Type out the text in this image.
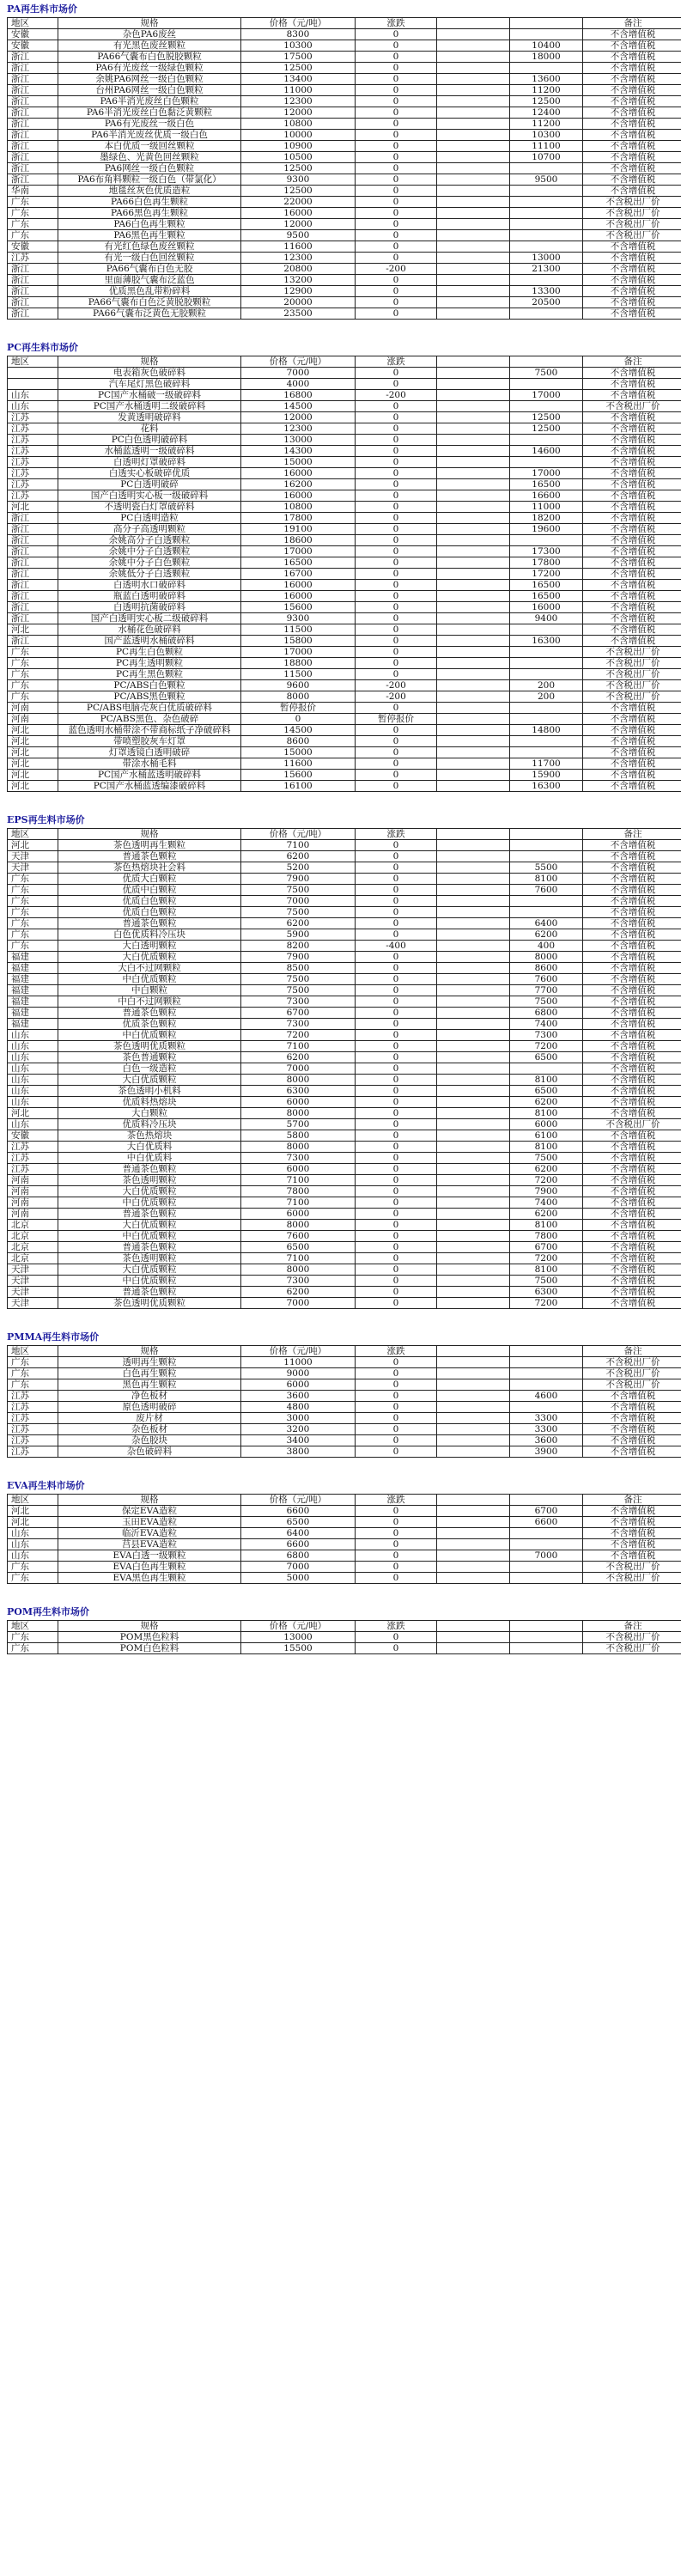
PA再生料市场价
地区	规格	价格（元/吨）	涨跌			备注
安徽	杂色PA6废丝	8300	0			不含增值税
安徽	有光黑色废丝颗粒	10300	0		10400	不含增值税
浙江	PA66气囊布白色脱胶颗粒	17500	0		18000	不含增值税
浙江	PA6有光废丝一级绿色颗粒	12500	0			不含增值税
浙江	余姚PA6网丝一级白色颗粒	13400	0		13600	不含增值税
浙江	台州PA6网丝一级白色颗粒	11000	0		11200	不含增值税
浙江	PA6半消光废丝白色颗粒	12300	0		12500	不含增值税
浙江	PA6半消光废丝白色黏泛黄颗粒	12000	0		12400	不含增值税
浙江	PA6有光废丝一级白色	10800	0		11200	不含增值税
浙江	PA6半消光废丝优质一级白色	10000	0		10300	不含增值税
浙江	本白优质一级回丝颗粒	10900	0		11100	不含增值税
浙江	墨绿色、光黄色回丝颗粒	10500	0		10700	不含增值税
浙江	PA6网丝一级白色颗粒	12500	0			不含增值税
浙江	PA6布角料颗粒一级白色（带氯化）	9300	0		9500	不含增值税
华南	地毯丝灰色优质造粒	12500	0			不含增值税
广东	PA66白色再生颗粒	22000	0			不含税出厂价
广东	PA66黑色再生颗粒	16000	0			不含税出厂价
广东	PA6白色再生颗粒	12000	0			不含税出厂价
广东	PA6黑色再生颗粒	9500	0			不含税出厂价
安徽	有光红色绿色废丝颗粒	11600	0			不含增值税
江苏	有光一级白色回丝颗粒	12300	0		13000	不含增值税
浙江	PA66气囊布白色无胶	20800	-200		21300	不含增值税
浙江	里面薄胶气囊布泛蓝色	13200	0			不含增值税
浙江	优质黑色乱带粉碎料	12900	0		13300	不含增值税
浙江	PA66气囊布白色泛黄脱胶颗粒	20000	0		20500	不含增值税
浙江	PA66气囊布泛黄色无胶颗粒	23500	0			不含增值税
PC再生料市场价
地区	规格	价格（元/吨）	涨跌			备注
	电表箱灰色破碎料	7000	0		7500	不含增值税
	汽车尾灯黑色破碎料	4000	0			不含增值税
山东	PC国产水桶破一级破碎料	16800	-200		17000	不含增值税
山东	PC国产水桶透明二级破碎料	14500	0			不含税出厂价
江苏	发黄透明破碎料	12000	0		12500	不含增值税
江苏	花料	12300	0		12500	不含增值税
江苏	PC白色透明破碎料	13000	0			不含增值税
江苏	水桶蓝透明一级破碎料	14300	0		14600	不含增值税
江苏	白透明灯罩破碎料	15000	0			不含增值税
江苏	白透实心板破碎优质	16000	0		17000	不含增值税
江苏	PC白透明破碎	16200	0		16500	不含增值税
江苏	国产白透明实心板一级破碎料	16000	0		16600	不含增值税
河北	不透明瓷白灯罩破碎料	10800	0		11000	不含增值税
浙江	PC白透明造粒	17800	0		18200	不含增值税
浙江	高分子高透明颗粒	19100	0		19600	不含增值税
浙江	余姚高分子白透颗粒	18600	0			不含增值税
浙江	余姚中分子白透颗粒	17000	0		17300	不含增值税
浙江	余姚中分子白色颗粒	16500	0		17800	不含增值税
浙江	余姚低分子白透颗粒	16700	0		17200	不含增值税
浙江	白透明水口破碎料	16000	0		16500	不含增值税
浙江	瓶蓝白透明破碎料	16000	0		16500	不含增值税
浙江	白透明抗菌破碎料	15600	0		16000	不含增值税
浙江	国产白透明实心板二级破碎料	9300	0		9400	不含增值税
河北	水桶花色破碎料	11500	0			不含增值税
浙江	国产蓝透明水桶破碎料	15800	0		16300	不含增值税
广东	PC再生白色颗粒	17000	0			不含税出厂价
广东	PC再生透明颗粒	18800	0			不含税出厂价
广东	PC再生黑色颗粒	11500	0			不含税出厂价
广东	PC/ABS白色颗粒	9600	-200		200	不含税出厂价
广东	PC/ABS黑色颗粒	8000	-200		200	不含税出厂价
河南	PC/ABS电脑壳灰白优质破碎料	暂停报价	0			不含增值税
河南	PC/ABS黑色、杂色破碎	0	暂停报价			不含增值税
河北	蓝色透明水桶带涂不带商标纸子净破碎料	14500	0		14800	不含增值税
河北	带喷塑胶灰车灯罩	8600	0			不含增值税
河北	灯罩透镜白透明破碎	15000	0			不含增值税
河北	带涂水桶毛料	11600	0		11700	不含增值税
河北	PC国产水桶蓝透明破碎料	15600	0		15900	不含增值税
河北	PC国产水桶蓝透编漆破碎料	16100	0		16300	不含增值税
EPS再生料市场价
地区	规格	价格（元/吨）	涨跌			备注
河北	茶色透明再生颗粒	7100	0			不含增值税
天津	普通茶色颗粒	6200	0			不含增值税
天津	茶色热熔块社会料	5200	0		5500	不含增值税
广东	优质大白颗粒	7900	0		8100	不含增值税
广东	优质中白颗粒	7500	0		7600	不含增值税
广东	优质白色颗粒	7000	0			不含增值税
广东	优质白色颗粒	7500	0			不含增值税
广东	普通茶色颗粒	6200	0		6400	不含增值税
广东	白色优质料冷压块	5900	0		6200	不含增值税
广东	大白透明颗粒	8200	-400		400	不含增值税
福建	大白优质颗粒	7900	0		8000	不含增值税
福建	大白不过网颗粒	8500	0		8600	不含增值税
福建	中白优质颗粒	7500	0		7600	不含增值税
福建	中白颗粒	7500	0		7700	不含增值税
福建	中白不过网颗粒	7300	0		7500	不含增值税
福建	普通茶色颗粒	6700	0		6800	不含增值税
福建	优质茶色颗粒	7300	0		7400	不含增值税
山东	中白优质颗粒	7200	0		7300	不含增值税
山东	茶色透明优质颗粒	7100	0		7200	不含增值税
山东	茶色普通颗粒	6200	0		6500	不含增值税
山东	白色一级造粒	7000	0			不含增值税
山东	大白优质颗粒	8000	0		8100	不含增值税
山东	茶色透明小机料	6300	0		6500	不含增值税
山东	优质料热熔块	6000	0		6200	不含增值税
河北	大白颗粒	8000	0		8100	不含增值税
山东	优质料冷压块	5700	0		6000	不含税出厂价
安徽	茶色热熔块	5800	0		6100	不含增值税
江苏	大白优质料	8000	0		8100	不含增值税
江苏	中白优质料	7300	0		7500	不含增值税
江苏	普通茶色颗粒	6000	0		6200	不含增值税
河南	茶色透明颗粒	7100	0		7200	不含增值税
河南	大白优质颗粒	7800	0		7900	不含增值税
河南	中白优质颗粒	7100	0		7400	不含增值税
河南	普通茶色颗粒	6000	0		6200	不含增值税
北京	大白优质颗粒	8000	0		8100	不含增值税
北京	中白优质颗粒	7600	0		7800	不含增值税
北京	普通茶色颗粒	6500	0		6700	不含增值税
北京	茶色透明颗粒	7100	0		7200	不含增值税
天津	大白优质颗粒	8000	0		8100	不含增值税
天津	中白优质颗粒	7300	0		7500	不含增值税
天津	普通茶色颗粒	6200	0		6300	不含增值税
天津	茶色透明优质颗粒	7000	0		7200	不含增值税
PMMA再生料市场价
地区	规格	价格（元/吨）	涨跌			备注
广东	透明再生颗粒	11000	0			不含税出厂价
广东	白色再生颗粒	9000	0			不含税出厂价
广东	黑色再生颗粒	6000	0			不含税出厂价
江苏	净色板材	3600	0		4600	不含增值税
江苏	原色透明破碎	4800	0			不含增值税
江苏	废片材	3000	0		3300	不含增值税
江苏	杂色板材	3200	0		3300	不含增值税
江苏	杂色胶块	3400	0		3600	不含增值税
江苏	杂色破碎料	3800	0		3900	不含增值税
EVA再生料市场价
地区	规格	价格（元/吨）	涨跌			备注
河北	保定EVA造粒	6600	0		6700	不含增值税
河北	玉田EVA造粒	6500	0		6600	不含增值税
山东	临沂EVA造粒	6400	0			不含增值税
山东	莒县EVA造粒	6600	0			不含增值税
山东	EVA白透一级颗粒	6800	0		7000	不含增值税
广东	EVA白色再生颗粒	7000	0			不含税出厂价
广东	EVA黑色再生颗粒	5000	0			不含税出厂价
POM再生料市场价
地区	规格	价格（元/吨）	涨跌			备注
广东	POM黑色粒料	13000	0			不含税出厂价
广东	POM白色粒料	15500	0			不含税出厂价
